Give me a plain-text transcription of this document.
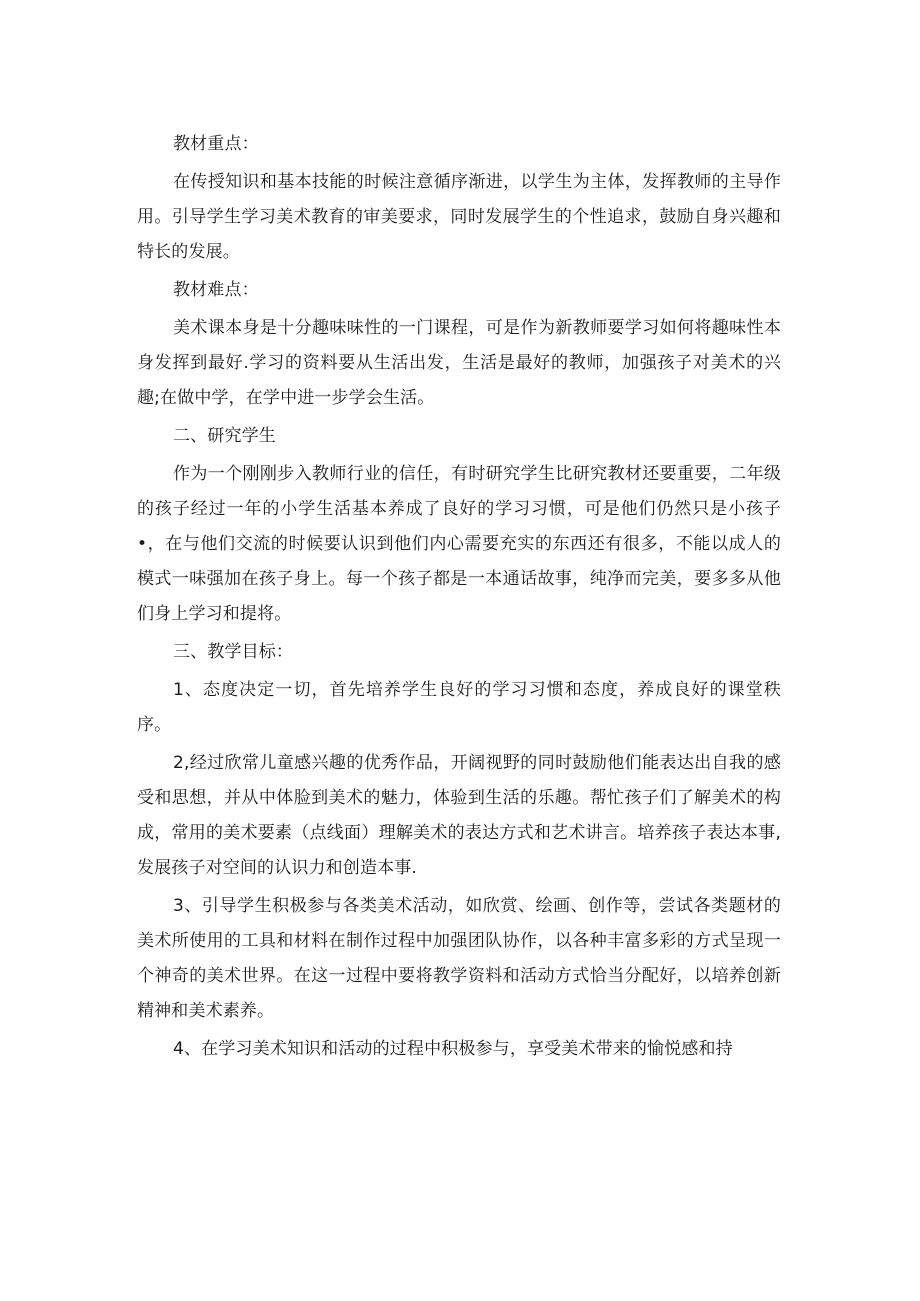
教材重点：

在传授知识和基本技能的时候注意循序渐进，以学生为主体，发挥教师的主导作用。引导学生学习美术教育的审美要求，同时发展学生的个性追求，鼓励自身兴趣和特长的发展。

教材难点：

美术课本身是十分趣味味性的一门课程，可是作为新教师要学习如何将趣味性本身发挥到最好.学习的资料要从生活出发，生活是最好的教师，加强孩子对美术的兴趣;在做中学，在学中进一步学会生活。

二、研究学生

作为一个刚刚步入教师行业的信任，有时研究学生比研究教材还要重要，二年级的孩子经过一年的小学生活基本养成了良好的学习习惯，可是他们仍然只是小孩子•，在与他们交流的时候要认识到他们内心需要充实的东西还有很多，不能以成人的模式一味强加在孩子身上。每一个孩子都是一本通话故事，纯净而完美，要多多从他们身上学习和提将。

三、教学目标：

1、态度决定一切，首先培养学生良好的学习习惯和态度，养成良好的课堂秩序。

2,经过欣常儿童感兴趣的优秀作品，开阔视野的同时鼓励他们能表达出自我的感受和思想，并从中体脸到美术的魅力，体验到生活的乐趣。帮忙孩子们了解美术的构成，常用的美术要素（点线面）理解美术的表达方式和艺术讲言。培养孩子表达本事,发展孩子对空间的认识力和创造本事.

3、引导学生积极参与各类美术活动，如欣赏、绘画、创作等，尝试各类题材的美术所使用的工具和材料在制作过程中加强团队协作，以各种丰富多彩的方式呈现一个神奇的美术世界。在这一过程中要将教学资料和活动方式恰当分配好，以培养创新精神和美术素养。

4、在学习美术知识和活动的过程中积极参与，享受美术带来的愉悦感和持
